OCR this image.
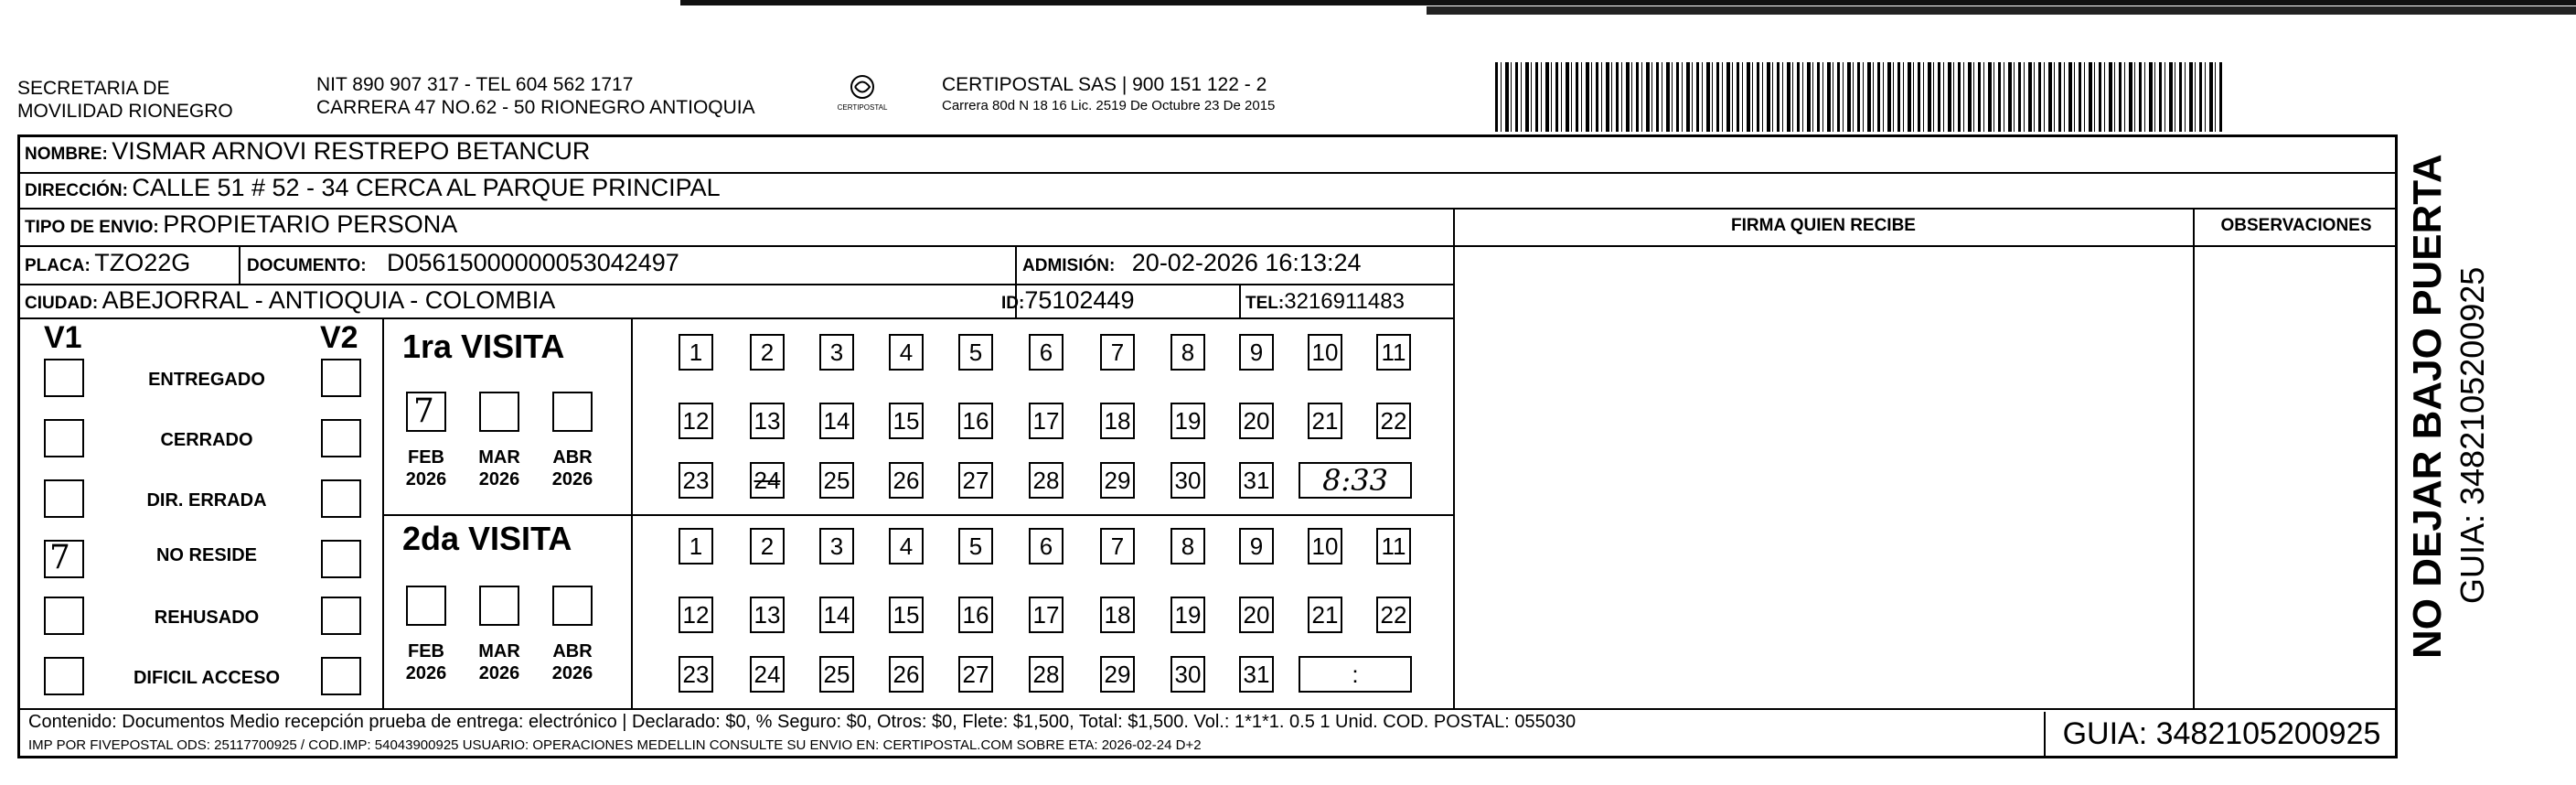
SECRETARIA DE
MOVILIDAD RIONEGRO
NIT 890 907 317 - TEL 604 562 1717
CARRERA 47 NO.62 - 50 RIONEGRO ANTIOQUIA	CERTIPOSTAL
CERTIPOSTAL SAS | 900 151 122 - 2
Carrera 80d N 18 16 Lic. 2519 De Octubre 23 De 2015
NOMBRE: VISMAR ARNOVI RESTREPO BETANCUR
DIRECCIÓN: CALLE 51 # 52 - 34 CERCA AL PARQUE PRINCIPAL
TIPO DE ENVIO: PROPIETARIO PERSONA	FIRMA QUIEN RECIBE	OBSERVACIONES
PLACA: TZO22G	DOCUMENTO: D05615000000053042497	ADMISIÓN: 20-02-2026 16:13:24
CIUDAD: ABEJORRAL - ANTIOQUIA - COLOMBIA	ID:75102449	TEL:3216911483
V1	V2
ENTREGADO
CERRADO
DIR. ERRADA
7	NO RESIDE
REHUSADO
DIFICIL ACCESO
1ra VISITA
7
FEB
2026
MAR
2026
ABR
2026
2da VISITA
FEB
2026
MAR
2026
ABR
2026
1	2	3	4	5	6	7	8	9	10 11
12 13 14 15 16 17 18 19 20 21 22
23 24 25 26 27 28 29 30 31	8:33
1	2	3	4	5	6	7	8	9	10 11
12 13 14 15 16 17 18 19 20 21 22
23 24 25 26 27 28 29 30 31	:
Contenido: Documentos Medio recepción prueba de entrega: electrónico | Declarado: $0, % Seguro: $0, Otros: $0, Flete: $1,500, Total: $1,500. Vol.: 1*1*1. 0.5 1 Unid. COD. POSTAL: 055030
IMP POR FIVEPOSTAL ODS: 25117700925 / COD.IMP: 54043900925 USUARIO: OPERACIONES MEDELLIN CONSULTE SU ENVIO EN: CERTIPOSTAL.COM SOBRE ETA: 2026-02-24 D+2	GUIA: 3482105200925
NO DEJAR BAJO PUERTA GUIA: 3482105200925
